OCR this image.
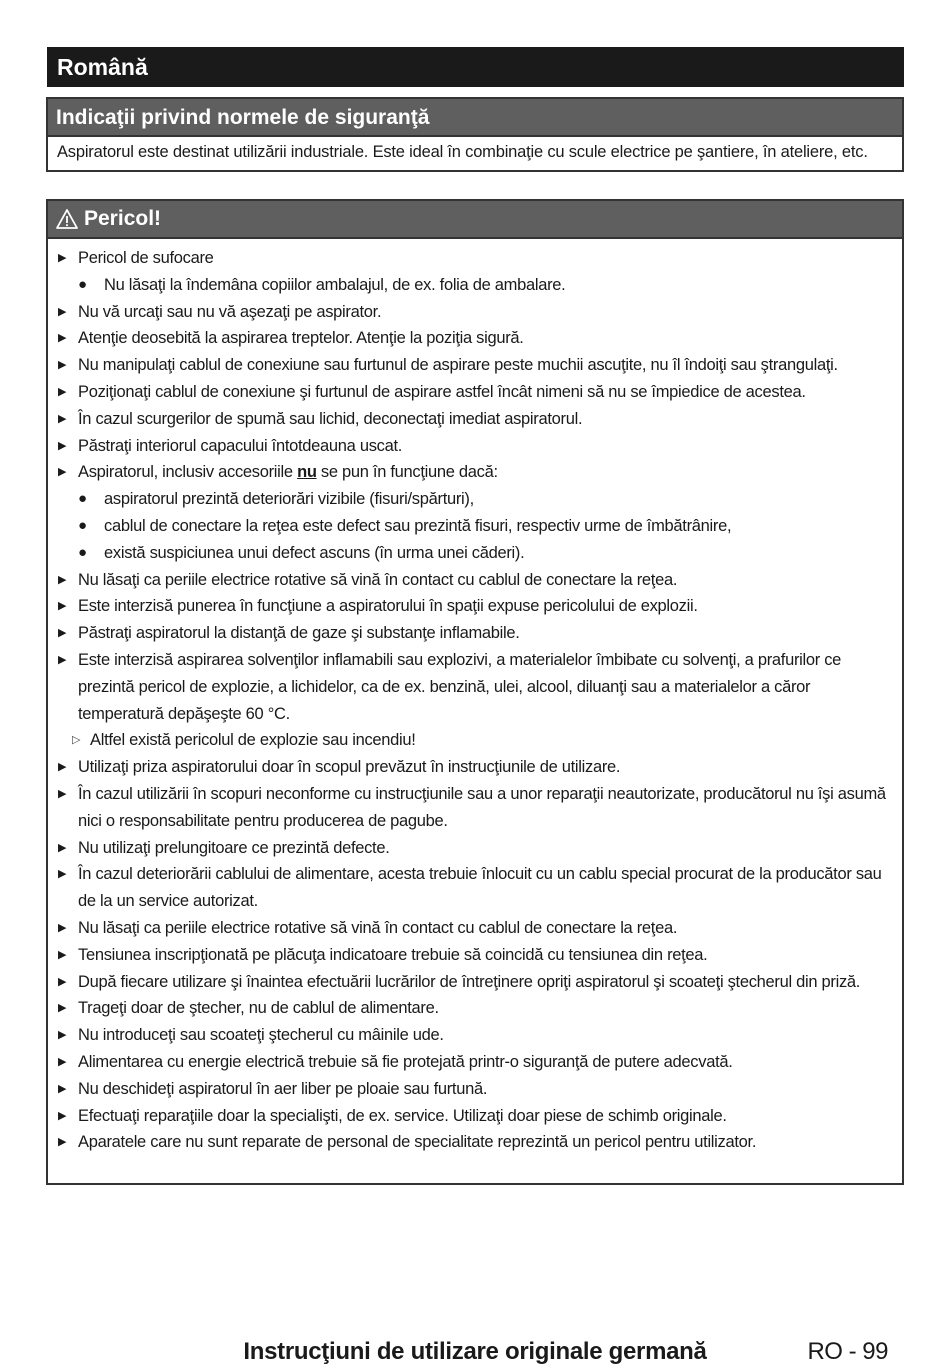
Română
Indicaţii privind normele de siguranţă
Aspiratorul este destinat utilizării industriale. Este ideal în combinaţie cu scule electrice pe şantiere, în ateliere, etc.
Pericol!
▶ Pericol de sufocare
●	Nu lăsaţi la îndemâna copiilor ambalajul, de ex. folia de ambalare.
▶ Nu vă urcaţi sau nu vă aşezaţi pe aspirator.
▶ Atenţie deosebită la aspirarea treptelor. Atenţie la poziţia sigură.
▶ Nu manipulaţi cablul de conexiune sau furtunul de aspirare peste muchii ascuţite, nu îl îndoiţi sau ştrangulaţi.
▶ Poziţionaţi cablul de conexiune şi furtunul de aspirare astfel încât nimeni să nu se împiedice de acestea.
▶ În cazul scurgerilor de spumă sau lichid, deconectaţi imediat aspiratorul.
▶ Păstraţi interiorul capacului întotdeauna uscat.
▶ Aspiratorul, inclusiv accesoriile nu se pun în funcţiune dacă:
●	aspiratorul prezintă deteriorări vizibile (fisuri/spărturi),
●	cablul de conectare la reţea este defect sau prezintă fisuri, respectiv urme de îmbătrânire,
●	există suspiciunea unui defect ascuns (în urma unei căderi).
▶ Nu lăsaţi ca periile electrice rotative să vină în contact cu cablul de conectare la reţea.
▶ Este interzisă punerea în funcţiune a aspiratorului în spaţii expuse pericolului de explozii.
▶ Păstraţi aspiratorul la distanţă de gaze şi substanţe inflamabile.
▶ Este interzisă aspirarea solvenţilor inflamabili sau explozivi, a materialelor îmbibate cu solvenţi, a prafurilor ce prezintă pericol de explozie, a lichidelor, ca de ex. benzină, ulei, alcool, diluanţi sau a materialelor a căror temperatură depăşeşte 60 °C.
▷ Altfel există pericolul de explozie sau incendiu!
▶ Utilizaţi priza aspiratorului doar în scopul prevăzut în instrucţiunile de utilizare.
▶ În cazul utilizării în scopuri neconforme cu instrucţiunile sau a unor reparaţii neautorizate, producătorul nu îşi asumă nici o responsabilitate pentru producerea de pagube.
▶ Nu utilizaţi prelungitoare ce prezintă defecte.
▶ În cazul deteriorării cablului de alimentare, acesta trebuie înlocuit cu un cablu special procurat de la producător sau de la un service autorizat.
▶ Nu lăsaţi ca periile electrice rotative să vină în contact cu cablul de conectare la reţea.
▶ Tensiunea inscripţionată pe plăcuţa indicatoare trebuie să coincidă cu tensiunea din reţea.
▶ După fiecare utilizare şi înaintea efectuării lucrărilor de întreţinere opriţi aspiratorul şi scoateţi ştecherul din priză.
▶ Trageţi doar de ştecher, nu de cablul de alimentare.
▶ Nu introduceţi sau scoateţi ştecherul cu mâinile ude.
▶ Alimentarea cu energie electrică trebuie să fie protejată printr-o siguranţă de putere adecvată.
▶ Nu deschideţi aspiratorul în aer liber pe ploaie sau furtună.
▶ Efectuaţi reparaţiile doar la specialişti, de ex. service. Utilizaţi doar piese de schimb originale.
▶ Aparatele care nu sunt reparate de personal de specialitate reprezintă un pericol pentru utilizator.
Instrucţiuni de utilizare originale germană	RO - 99
